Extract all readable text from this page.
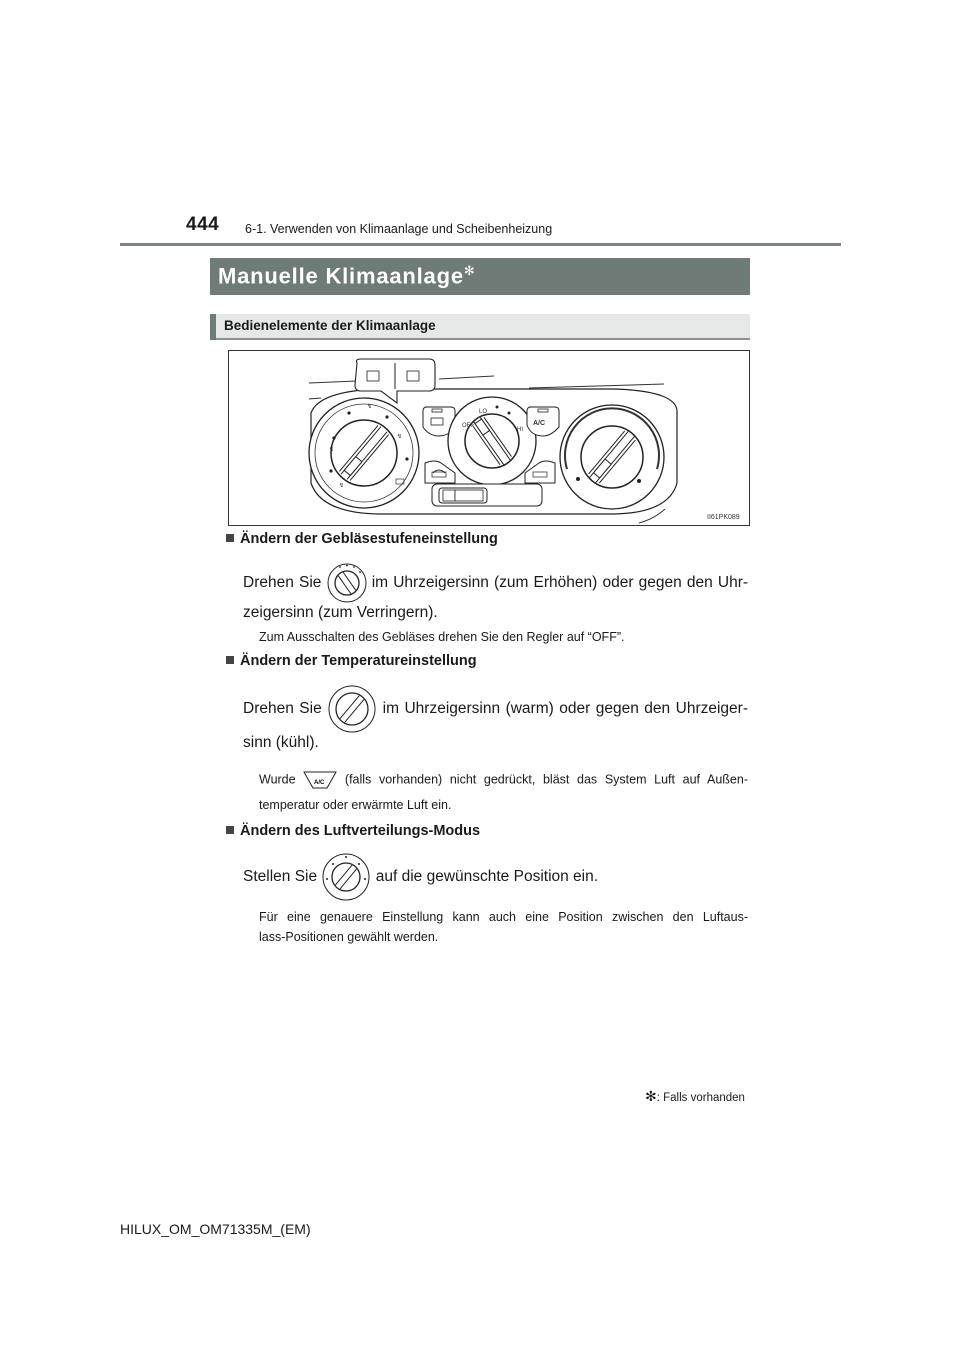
444 6-1. Verwenden von Klimaanlage und Scheibenheizung
Manuelle Klimaanlage✻
Bedienelemente der Klimaanlage
↯
↯
↯
↯
OFF
LO
HI
A/C
II61PK089
Ändern der Gebläsestufeneinstellung
Drehen Sie	im Uhrzeigersinn (zum Erhöhen) oder gegen den Uhr-
zeigersinn (zum Verringern).
Zum Ausschalten des Gebläses drehen Sie den Regler auf “OFF”.
Ändern der Temperatureinstellung
Drehen Sie	im Uhrzeigersinn (warm) oder gegen den Uhrzeiger-
sinn (kühl).
Wurde	A/C (falls vorhanden) nicht gedrückt, bläst das System Luft auf Außen-
temperatur oder erwärmte Luft ein.
Ändern des Luftverteilungs-Modus
Stellen Sie	auf die gewünschte Position ein.
Für eine genauere Einstellung kann auch eine Position zwischen den Luftaus-
lass-Positionen gewählt werden.
✻: Falls vorhanden
HILUX_OM_OM71335M_(EM)
